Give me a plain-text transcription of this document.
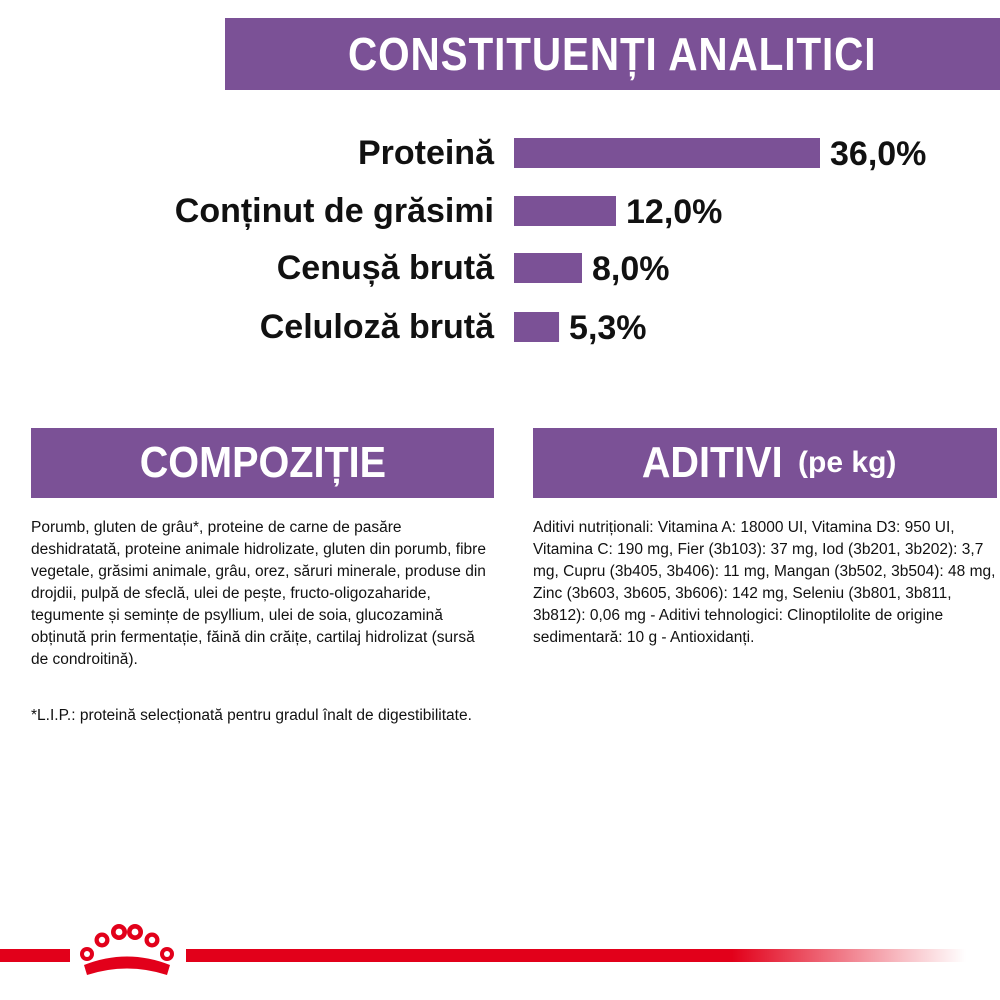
CONSTITUENȚI ANALITICI
Proteină	36,0%
Conținut de grăsimi	12,0%
Cenușă brută	8,0%
Celuloză brută 5,3%
COMPOZIȚIE
Porumb, gluten de grâu*, proteine de carne de pasăre deshidratată, proteine animale hidrolizate, gluten din porumb, fibre vegetale, grăsimi animale, grâu, orez, săruri minerale, produse din drojdii, pulpă de sfeclă, ulei de pește, fructo-oligozaharide, tegumente și semințe de psyllium, ulei de soia, glucozamină obținută prin fermentație, făină din crăițe, cartilaj hidrolizat (sursă de condroitină).
*L.I.P.: proteină selecționată pentru gradul înalt de digestibilitate.
ADITIVI (pe kg)
Aditivi nutriționali: Vitamina A: 18000 UI, Vitamina D3: 950 UI, Vitamina C: 190 mg, Fier (3b103): 37 mg, Iod (3b201, 3b202): 3,7 mg, Cupru (3b405, 3b406): 11 mg, Mangan (3b502, 3b504): 48 mg, Zinc (3b603, 3b605, 3b606): 142 mg, Seleniu (3b801, 3b811, 3b812): 0,06 mg - Aditivi tehnologici: Clinoptilolite de origine sedimentară: 10 g - Antioxidanți.
